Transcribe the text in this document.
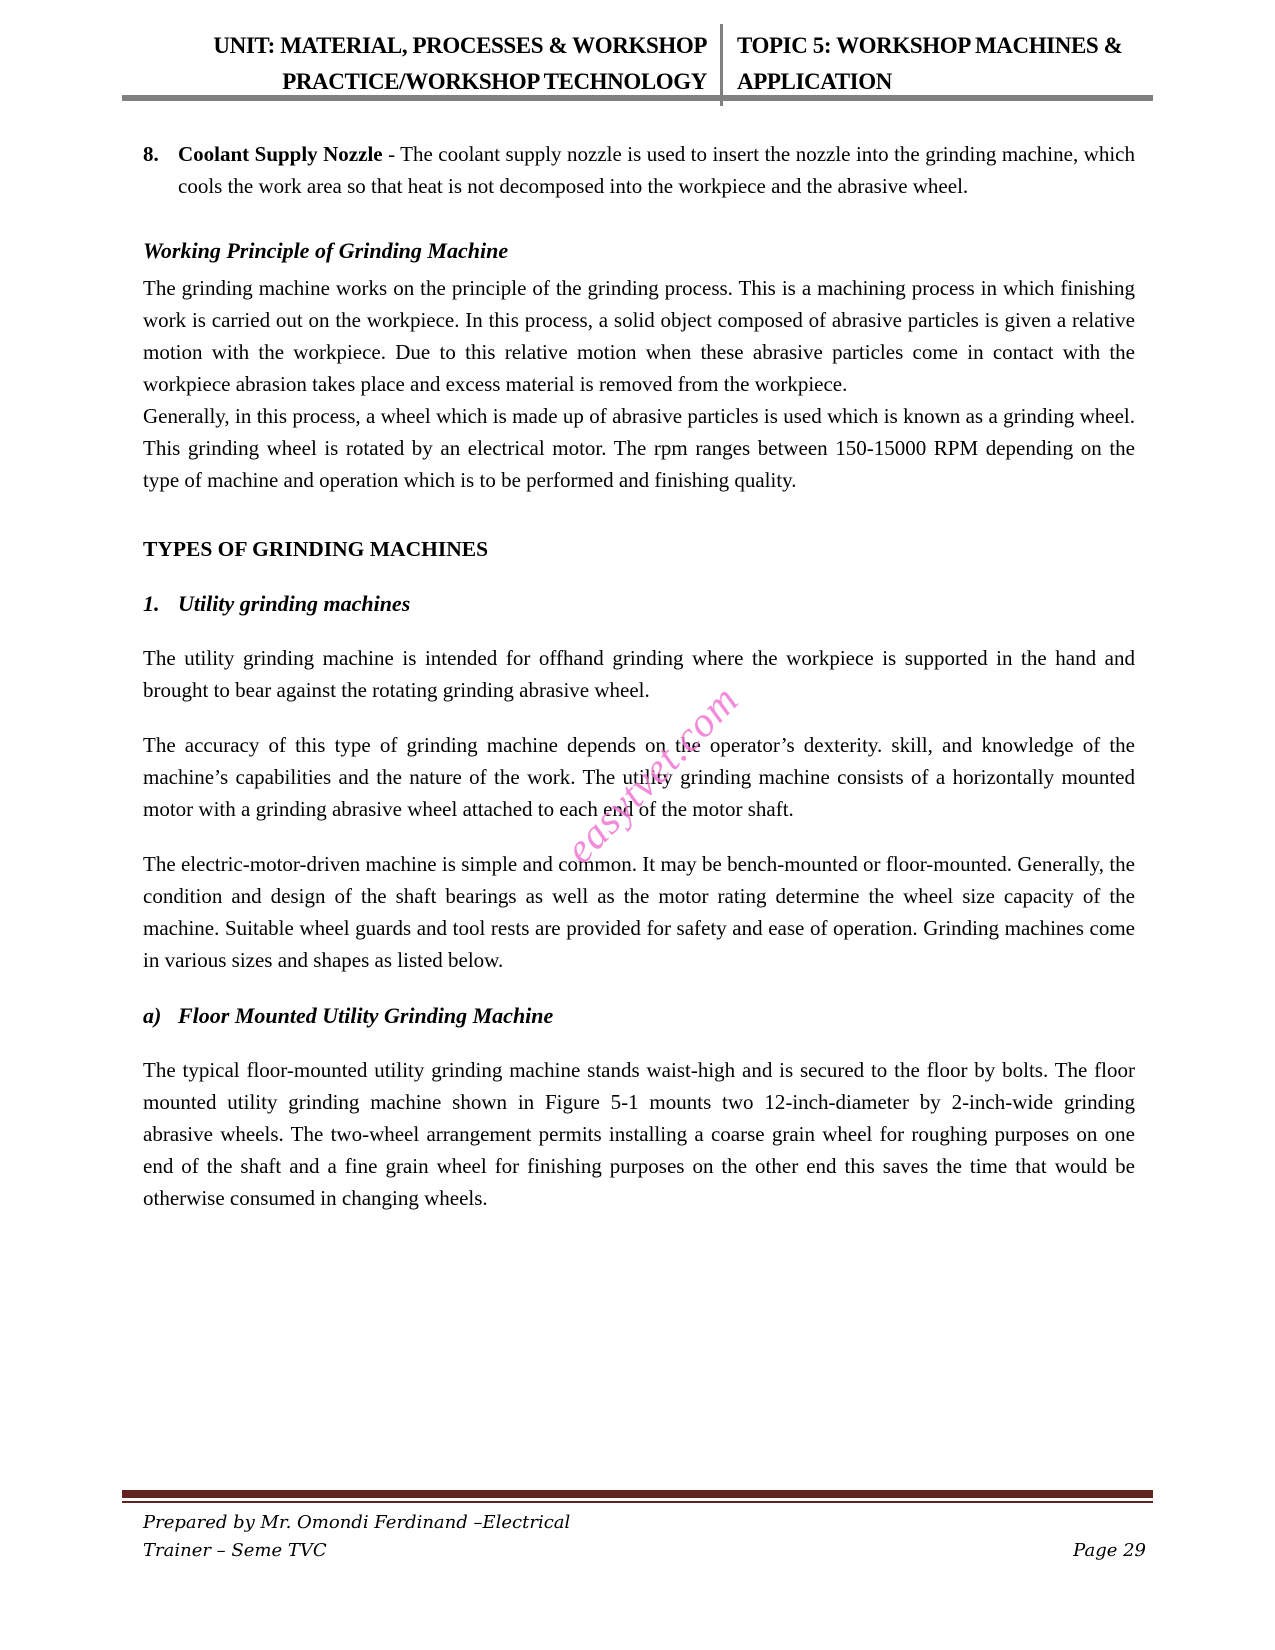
UNIT: MATERIAL, PROCESSES & WORKSHOP
PRACTICE/WORKSHOP TECHNOLOGY
TOPIC 5: WORKSHOP MACHINES &
APPLICATION
8. Coolant Supply Nozzle - The coolant supply nozzle is used to insert the nozzle into the grinding machine, which cools the work area so that heat is not decomposed into the workpiece and the abrasive wheel.

Working Principle of Grinding Machine

The grinding machine works on the principle of the grinding process. This is a machining process in which finishing work is carried out on the workpiece. In this process, a solid object composed of abrasive particles is given a relative motion with the workpiece. Due to this relative motion when these abrasive particles come in contact with the workpiece abrasion takes place and excess material is removed from the workpiece.

Generally, in this process, a wheel which is made up of abrasive particles is used which is known as a grinding wheel. This grinding wheel is rotated by an electrical motor. The rpm ranges between 150-15000 RPM depending on the type of machine and operation which is to be performed and finishing quality.

TYPES OF GRINDING MACHINES
1. Utility grinding machines

The utility grinding machine is intended for offhand grinding where the workpiece is supported in the hand and brought to bear against the rotating grinding abrasive wheel.

The accuracy of this type of grinding machine depends on the operator’s dexterity. skill, and knowledge of the machine’s capabilities and the nature of the work. The utility grinding machine consists of a horizontally mounted motor with a grinding abrasive wheel attached to each end of the motor shaft.

The electric-motor-driven machine is simple and common. It may be bench-mounted or floor-mounted. Generally, the condition and design of the shaft bearings as well as the motor rating determine the wheel size capacity of the machine. Suitable wheel guards and tool rests are provided for safety and ease of operation. Grinding machines come in various sizes and shapes as listed below.

a) Floor Mounted Utility Grinding Machine

The typical floor-mounted utility grinding machine stands waist-high and is secured to the floor by bolts. The floor mounted utility grinding machine shown in Figure 5-1 mounts two 12-inch-diameter by 2-inch-wide grinding abrasive wheels. The two-wheel arrangement permits installing a coarse grain wheel for roughing purposes on one end of the shaft and a fine grain wheel for finishing purposes on the other end this saves the time that would be otherwise consumed in changing wheels.

easytvet.com
Prepared by Mr. Omondi Ferdinand –Electrical
Trainer – Seme TVC	Page 29
